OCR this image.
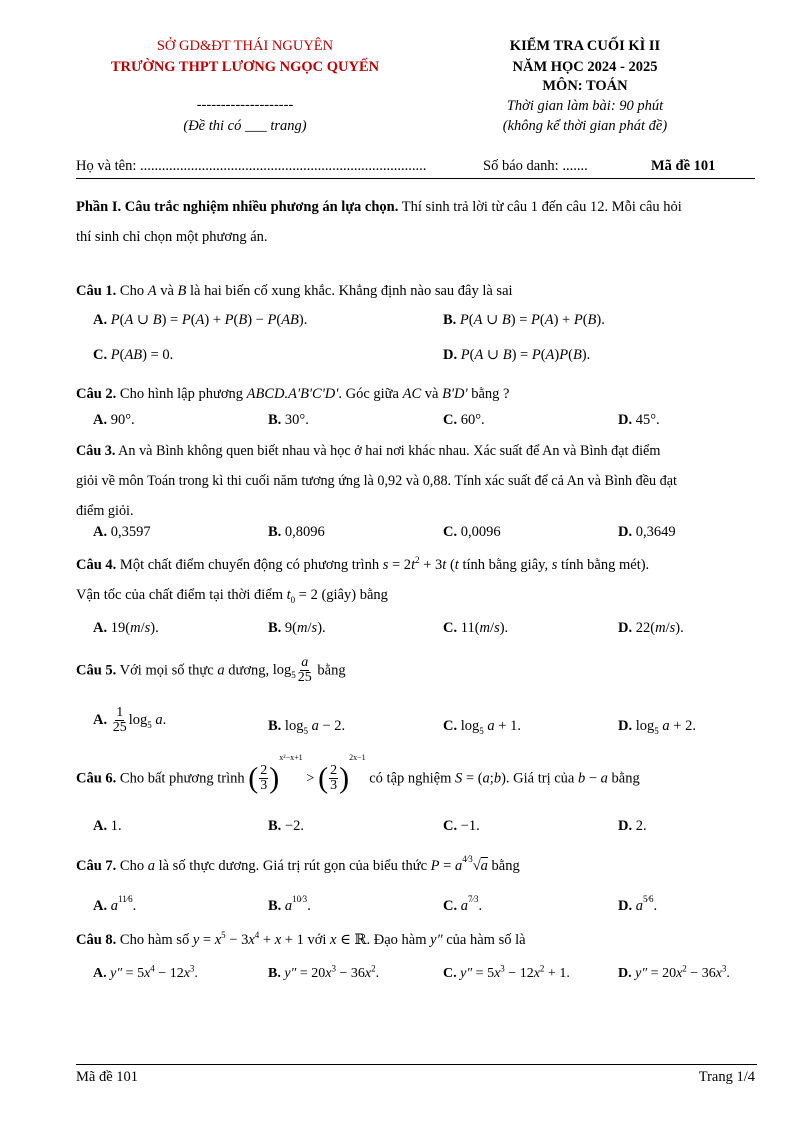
SỞ GD&ĐT THÁI NGUYÊN
TRƯỜNG THPT LƯƠNG NGỌC QUYẾN
--------------------
(Đề thi có ___ trang)
KIỂM TRA CUỐI KÌ II
NĂM HỌC 2024 - 2025
MÔN: TOÁN
Thời gian làm bài: 90 phút
(không kể thời gian phát đề)
Họ và tên: ...............................................................................	Số báo danh: .......	Mã đề 101
Phần I. Câu trắc nghiệm nhiều phương án lựa chọn. Thí sinh trả lời từ câu 1 đến câu 12. Mỗi câu hỏi
thí sinh chỉ chọn một phương án.
Câu 1. Cho A và B là hai biến cố xung khắc. Khẳng định nào sau đây là sai
A. P(A ∪ B) = P(A) + P(B) − P(AB).	B. P(A ∪ B) = P(A) + P(B).
C. P(AB) = 0.	D. P(A ∪ B) = P(A)P(B).
Câu 2. Cho hình lập phương ABCD.A'B'C'D'. Góc giữa AC và B'D' bằng ?
A. 90°.	B. 30°.	C. 60°.	D. 45°.
Câu 3. An và Bình không quen biết nhau và học ở hai nơi khác nhau. Xác suất để An và Bình đạt điểm
giỏi về môn Toán trong kì thi cuối năm tương ứng là 0,92 và 0,88. Tính xác suất để cả An và Bình đều đạt
điểm giỏi.
A. 0,3597	B. 0,8096	C. 0,0096	D. 0,3649
Câu 4. Một chất điểm chuyển động có phương trình $s = 2t^2 + 3t$ (t tính bằng giây, s tính bằng mét).
Vận tốc của chất điểm tại thời điểm $t_0 = 2$ (giây) bằng
A. 19(m/s).	B. 9(m/s).	C. 11(m/s).	D. 22(m/s).
Câu 5. Với mọi số thực a dương, $\log_5 \frac{a}{25}$ bằng
A. $\frac{1}{25} \log_5 a$.	B. $\log_5 a - 2$.	C. $\log_5 a + 1$.	D. $\log_5 a + 2$.
Câu 6. Cho bất phương trình ( $\frac{2}{3} )^{x^2-x+1}$ > ( $\frac{2}{3} )^{2x-1}$ có tập nghiệm S = (a;b). Giá trị của b − a bằng
A. 1.	B. −2.	C. −1.	D. 2.
Câu 7. Cho a là số thực dương. Giá trị rút gọn của biểu thức $P = a^{4⁄3}√a$ bằng
A. $a^{11⁄6}$.	B. $a^{10⁄3}$.	C. $a^{7⁄3}$.	D. $a^{5⁄6}$.
Câu 8. Cho hàm số $y = x^5 - 3x^4 + x + 1$ với x ∈ ℝ. Đạo hàm y″ của hàm số là
A. $y'' = 5x^4 - 12x^3$.	B. $y'' = 20x^3 - 36x^2$.	C. $y'' = 5x^3 - 12x^2 + 1$.	D. $y'' = 20x^2 - 36x^3$.
Mã đề 101	Trang 1/4
